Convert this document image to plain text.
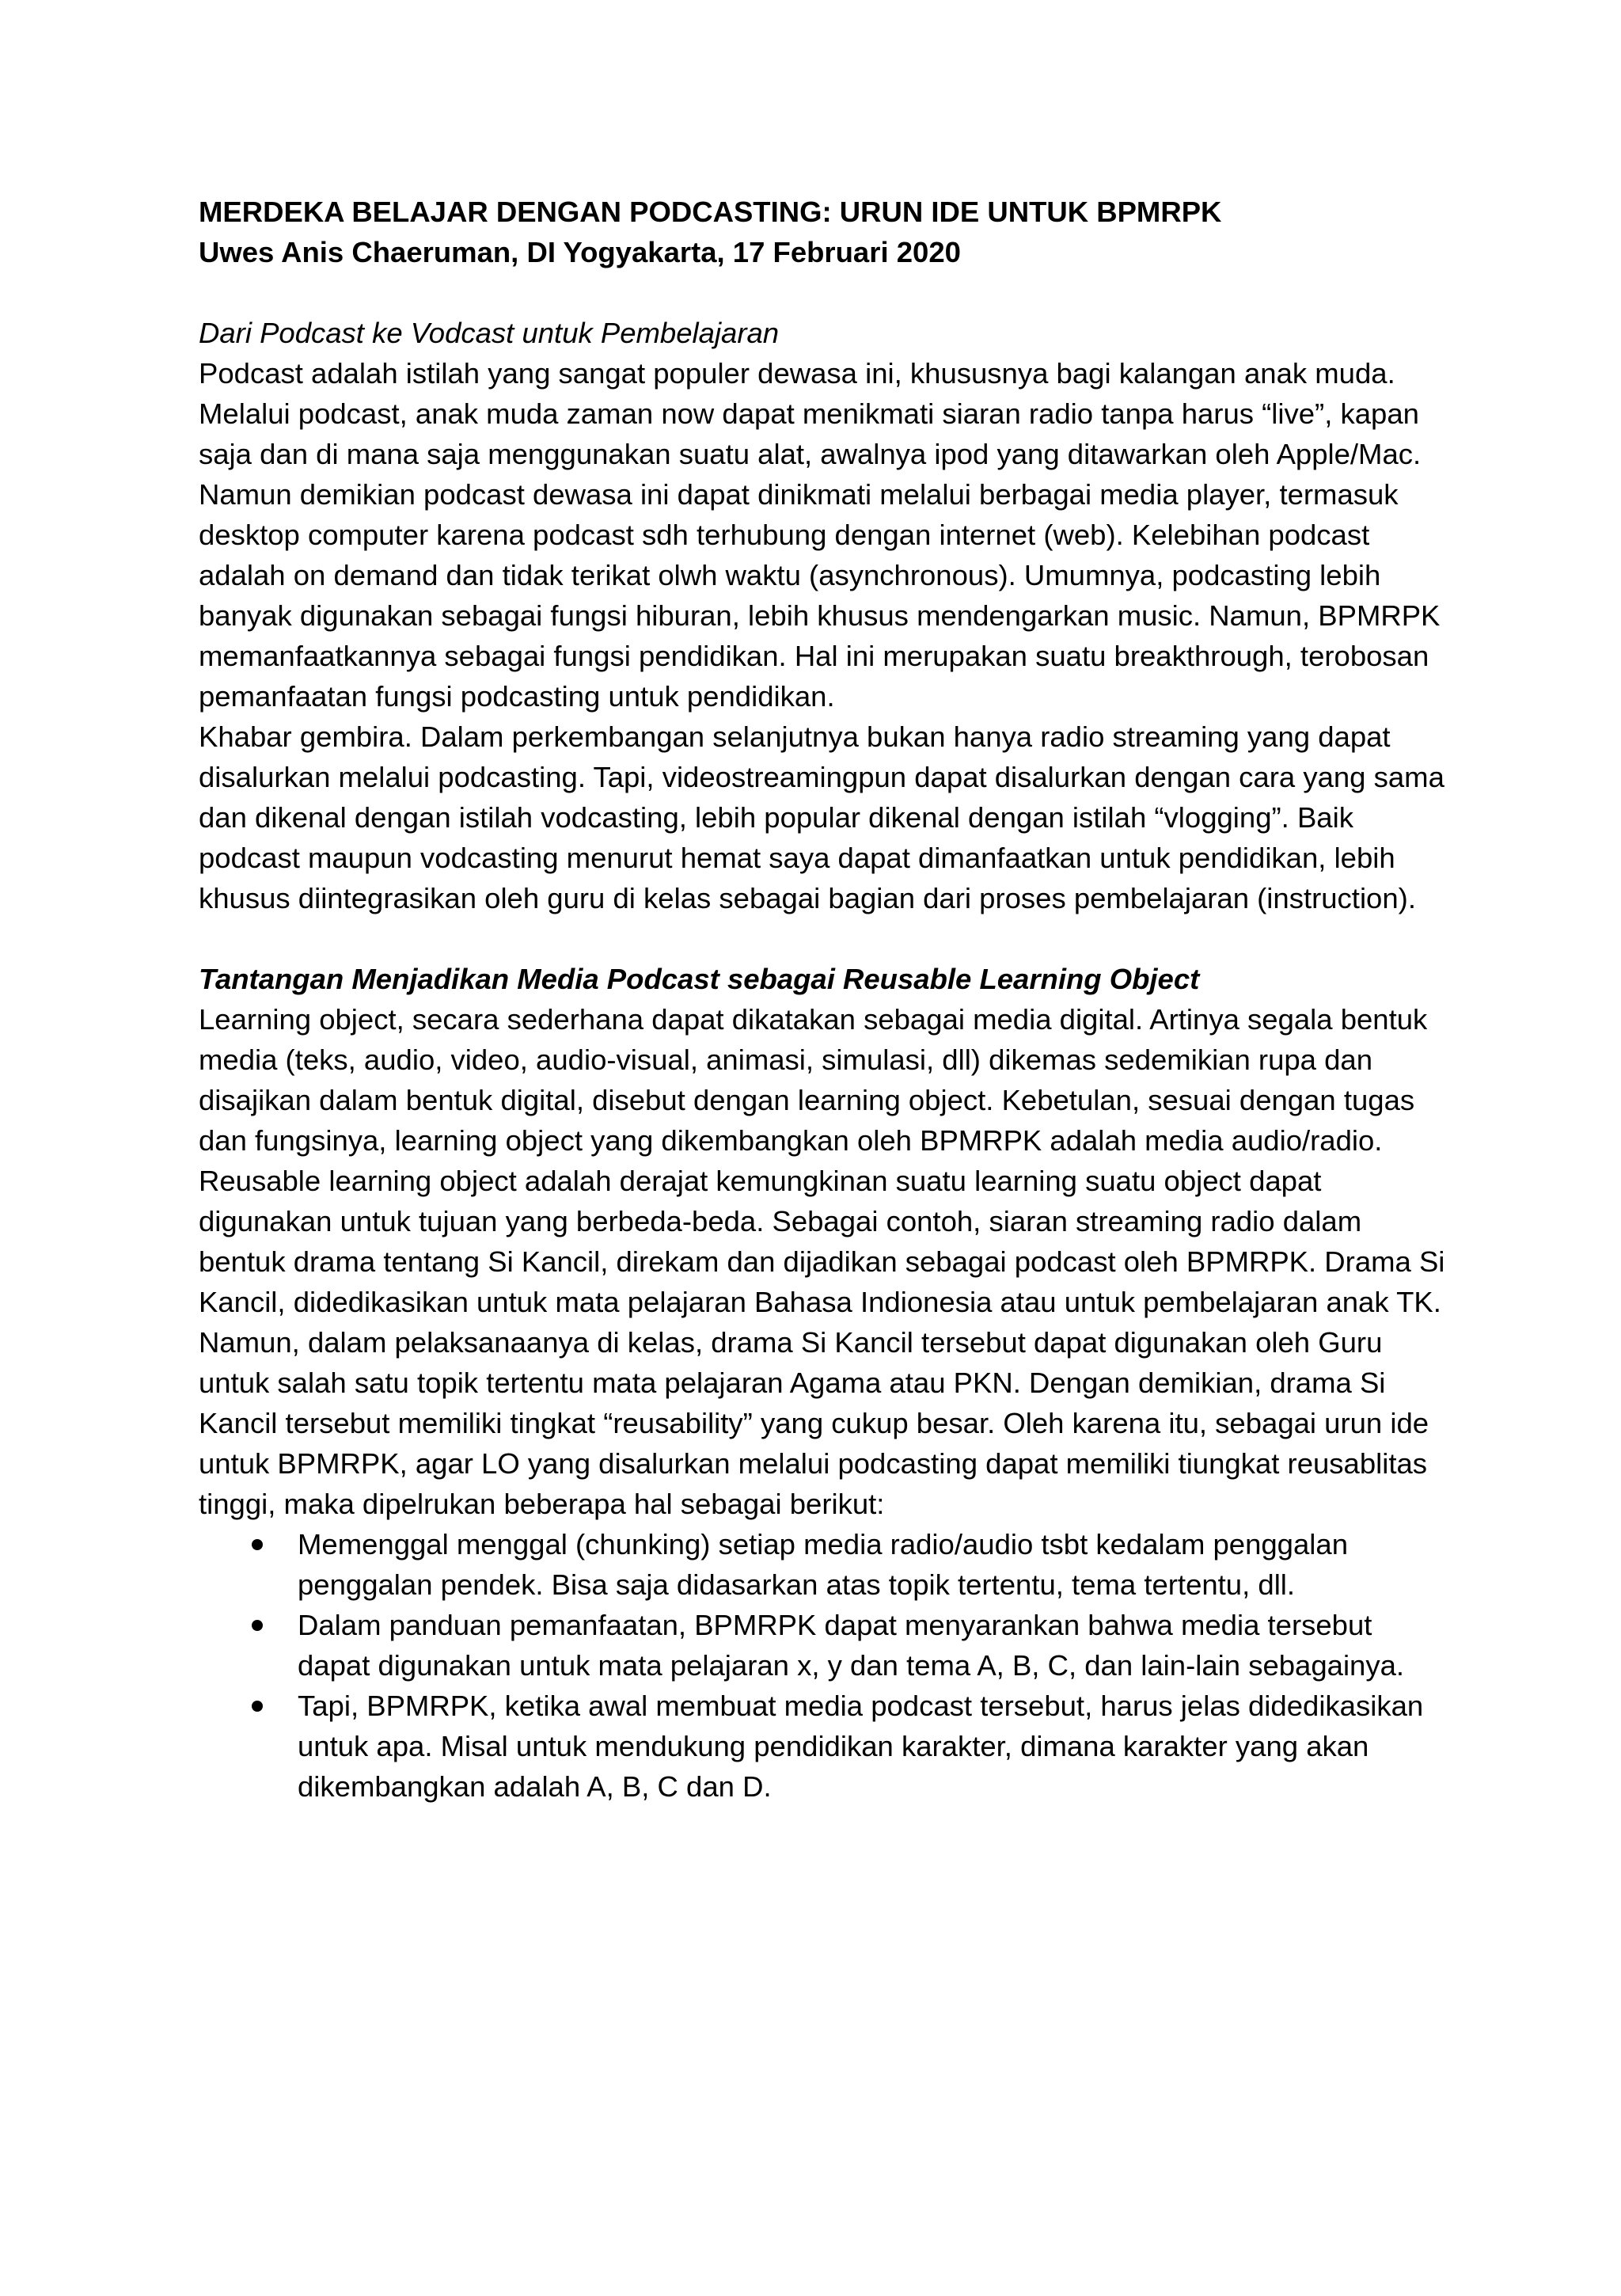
MERDEKA BELAJAR DENGAN PODCASTING: URUN IDE UNTUK BPMRPK

Uwes Anis Chaeruman, DI Yogyakarta, 17 Februari 2020

Dari Podcast ke Vodcast untuk Pembelajaran

Podcast adalah istilah yang sangat populer dewasa ini, khususnya bagi kalangan anak muda. Melalui podcast, anak muda zaman now dapat menikmati siaran radio tanpa harus “live”, kapan saja dan di mana saja menggunakan suatu alat, awalnya ipod yang ditawarkan oleh Apple/Mac. Namun demikian podcast dewasa ini dapat dinikmati melalui berbagai media player, termasuk desktop computer karena podcast sdh terhubung dengan internet (web). Kelebihan podcast adalah on demand dan tidak terikat olwh waktu (asynchronous). Umumnya, podcasting lebih banyak digunakan sebagai fungsi hiburan, lebih khusus mendengarkan music. Namun, BPMRPK memanfaatkannya sebagai fungsi pendidikan. Hal ini merupakan suatu breakthrough, terobosan pemanfaatan fungsi podcasting untuk pendidikan.

Khabar gembira. Dalam perkembangan selanjutnya bukan hanya radio streaming yang dapat disalurkan melalui podcasting. Tapi, videostreamingpun dapat disalurkan dengan cara yang sama dan dikenal dengan istilah vodcasting, lebih popular dikenal dengan istilah “vlogging”. Baik podcast maupun vodcasting menurut hemat saya dapat dimanfaatkan untuk pendidikan, lebih khusus diintegrasikan oleh guru di kelas sebagai bagian dari proses pembelajaran (instruction).

Tantangan Menjadikan Media Podcast sebagai Reusable Learning Object

Learning object, secara sederhana dapat dikatakan sebagai media digital. Artinya segala bentuk media (teks, audio, video, audio-visual, animasi, simulasi, dll) dikemas sedemikian rupa dan disajikan dalam bentuk digital, disebut dengan learning object. Kebetulan, sesuai dengan tugas dan fungsinya, learning object yang dikembangkan oleh BPMRPK adalah media audio/radio. Reusable learning object adalah derajat kemungkinan suatu learning suatu object dapat digunakan untuk tujuan yang berbeda-beda. Sebagai contoh, siaran streaming radio dalam bentuk drama tentang Si Kancil, direkam dan dijadikan sebagai podcast oleh BPMRPK. Drama Si Kancil, didedikasikan untuk mata pelajaran Bahasa Indionesia atau untuk pembelajaran anak TK. Namun, dalam pelaksanaanya di kelas, drama Si Kancil tersebut dapat digunakan oleh Guru untuk salah satu topik tertentu mata pelajaran Agama atau PKN. Dengan demikian, drama Si Kancil tersebut memiliki tingkat “reusability” yang cukup besar. Oleh karena itu, sebagai urun ide untuk BPMRPK, agar LO yang disalurkan melalui podcasting dapat memiliki tiungkat reusablitas tinggi, maka dipelrukan beberapa hal sebagai berikut:

Memenggal menggal (chunking) setiap media radio/audio tsbt kedalam penggalan penggalan pendek. Bisa saja didasarkan atas topik tertentu, tema tertentu, dll.
Dalam panduan pemanfaatan, BPMRPK dapat menyarankan bahwa media tersebut dapat digunakan untuk mata pelajaran x, y dan tema A, B, C, dan lain-lain sebagainya.
Tapi, BPMRPK, ketika awal membuat media podcast tersebut, harus jelas didedikasikan untuk apa. Misal untuk mendukung pendidikan karakter, dimana karakter yang akan dikembangkan adalah A, B, C dan D.
